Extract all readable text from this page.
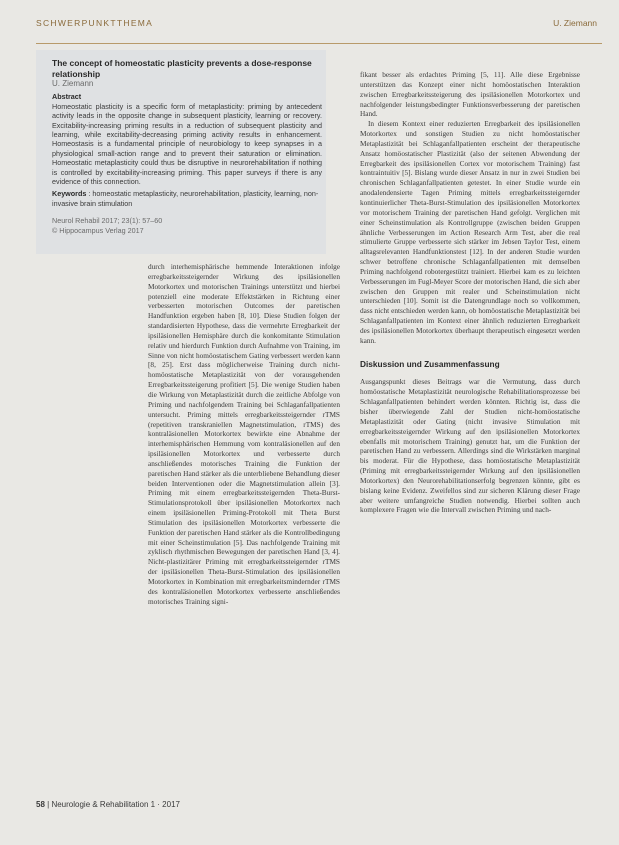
SCHWERPUNKTTHEMA	U. Ziemann
The concept of homeostatic plasticity prevents a dose-response relationship
U. Ziemann
Abstract
Homeostatic plasticity is a specific form of metaplasticity: priming by antecedent activity leads in the opposite change in subsequent plasticity, learning or recovery. Excitability-increasing priming results in a reduction of subsequent plasticity and learning, while excitability-decreasing priming activity results in enhancement. Homeostasis is a fundamental principle of neurobiology to keep synapses in a physiological small-action range and to prevent their saturation or elimination. Homeostatic metaplasticity could thus be disruptive in neurorehabilitation if nothing is controlled by excitability-increasing priming. This paper surveys if there is any evidence of this connection.
Keywords : homeostatic metaplasticity, neurorehabilitation, plasticity, learning, non-invasive brain stimulation
Neurol Rehabil 2017; 23(1): 57–60
© Hippocampus Verlag 2017

durch interhemisphärische hemmende Interaktionen infolge erregbarkeitssteigernder Wirkung des ipsiläsionellen Motorkortex und motorischen Trainings unterstützt und hierbei potenziell eine moderate Effektstärken in Richtung einer verbesserten motorischen Outcomes der paretischen Handfunktion ergeben haben [8, 10]. Diese Studien folgen der standardisierten Hypothese, dass die vermehrte Erregbarkeit der ipsiläsionellen Hemisphäre durch die konkomitante Stimulation relativ und hierdurch Funktion durch Aufnahme von Training, im Sinne von nicht homöostatischem Gating verbessert werden kann [8, 25]. Erst dass möglicherweise Training durch nicht-homöostatische Metaplastizität von der vorausgehenden Erregbarkeitssteigerung profitiert [5]. Die wenige Studien haben die Wirkung von Metaplastizität durch die zeitliche Abfolge von Priming und nachfolgendem Training bei Schlaganfallpatienten untersucht. Priming mittels erregbarkeitssteigernder rTMS (repetitiven transkraniellen Magnetstimulation, rTMS) des kontraläsionellen Motorkortex bewirkte eine Abnahme der interhemisphärischen Hemmung vom kontraläsionellen auf den ipsiläsionellen Motorkortex und verbesserte durch anschließendes motorisches Training die Funktion der paretischen Hand stärker als die unterbliebene Behandlung dieser beiden Interventionen oder die Magnetstimulation allein [3]. Priming mit einem erregbarkeitssteigernden Theta-Burst-Stimulationsprotokoll über ipsiläsionellen Motorkortex nach einem ipsiläsionellen Priming-Protokoll mit Theta Burst Stimulation des ipsiläsionellen Motorkortex verbesserte die Funktion der paretischen Hand stärker als die Kontrollbedingung mit einer Scheinstimulation [5]. Das nachfolgende Training mit zyklisch rhythmischen Bewegungen der paretischen Hand [3, 4]. Nicht-plastizitärer Priming mit erregbarkeitssteigernder rTMS der ipsiläsionellen Theta-Burst-Stimulation des ipsiläsionellen Motorkortex in Kombination mit erregbarkeitsmindernder rTMS des kontraläsionellen Motorkortex verbesserte anschließendes motorisches Training signi-

fikant besser als erdachtes Priming [5, 11]. Alle diese Ergebnisse unterstützen das Konzept einer nicht homöostatischen Interaktion zwischen Erregbarkeitssteigerung des ipsiläsionellen Motorkortex und nachfolgender leistungsbedingter Funktionsverbesserung der paretischen Hand.

In diesem Kontext einer reduzierten Erregbarkeit des ipsiläsionellen Motorkortex und sonstigen Studien zu nicht homöostatischer Metaplastizität bei Schlaganfallpatienten erscheint der therapeutische Ansatz homöostatischer Plastizität (also der seitenen Abwendung der Erregbarkeit des ipsiläsionellen Cortex vor motorischem Training) fast kontraintuitiv [5]. Bislang wurde dieser Ansatz in nur in zwei Studien bei chronischen Schlaganfallpatienten getestet. In einer Studie wurde ein anodalendensierte Tagen Priming mittels erregbarkeitssteigernder kontinuierlicher Theta-Burst-Stimulation des ipsiläsionellen Motorkortex vor motorischem Training der paretischen Hand gefolgt. Verglichen mit einer Scheinstimulation als Kontrollgruppe (zwischen beiden Gruppen ähnliche Verbesserungen im Action Research Arm Test, aber die real stimulierte Gruppe verbesserte sich stärker im Jebsen Taylor Test, einem alltagsrelevanten Handfunktionstest [12]. In der anderen Studie wurden schwer betroffene chronische Schlaganfallpatienten mit demselben Priming nachfolgend robotergestützt trainiert. Hierbei kam es zu leichten Verbesserungen im Fugl-Meyer Score der motorischen Hand, die sich aber zwischen den Gruppen mit realer und Scheinstimulation nicht unterschieden [10]. Somit ist die Datengrundlage noch so vollkommen, dass nicht entschieden werden kann, ob homöostatische Metaplastizität bei Schlaganfallpatienten im Kontext einer ähnlich reduzierten Erregbarkeit des ipsiläsionellen Motorkortex überhaupt therapeutisch eingesetzt werden kann.

Diskussion und Zusammenfassung

Ausgangspunkt dieses Beitrags war die Vermutung, dass durch homöostatische Metaplastizität neurologische Rehabilitationsprozesse bei Schlaganfallpatienten behindert werden könnten. Richtig ist, dass die bisher überwiegende Zahl der Studien nicht-homöostatische Metaplastizität oder Gating (nicht invasive Stimulation mit erregbarkeitssteigernder Wirkung auf den ipsiläsionellen Motorkortex ebenfalls mit motorischem Training) genutzt hat, um die Funktion der paretischen Hand zu verbessern. Allerdings sind die Wirkstärken marginal bis moderat. Für die Hypothese, dass homöostatische Metaplastizität (Priming mit erregbarkeitssteigernder Wirkung auf den ipsiläsionellen Motorkortex) den Neurorehabilitationserfolg begrenzen könnte, gibt es bislang keine Evidenz. Zweifellos sind zur sicheren Klärung dieser Frage aber weitere umfangreiche Studien notwendig. Hierbei sollten auch komplexere Fragen wie die Intervall zwischen Priming und nach-

58 | Neurologie & Rehabilitation 1 · 2017
